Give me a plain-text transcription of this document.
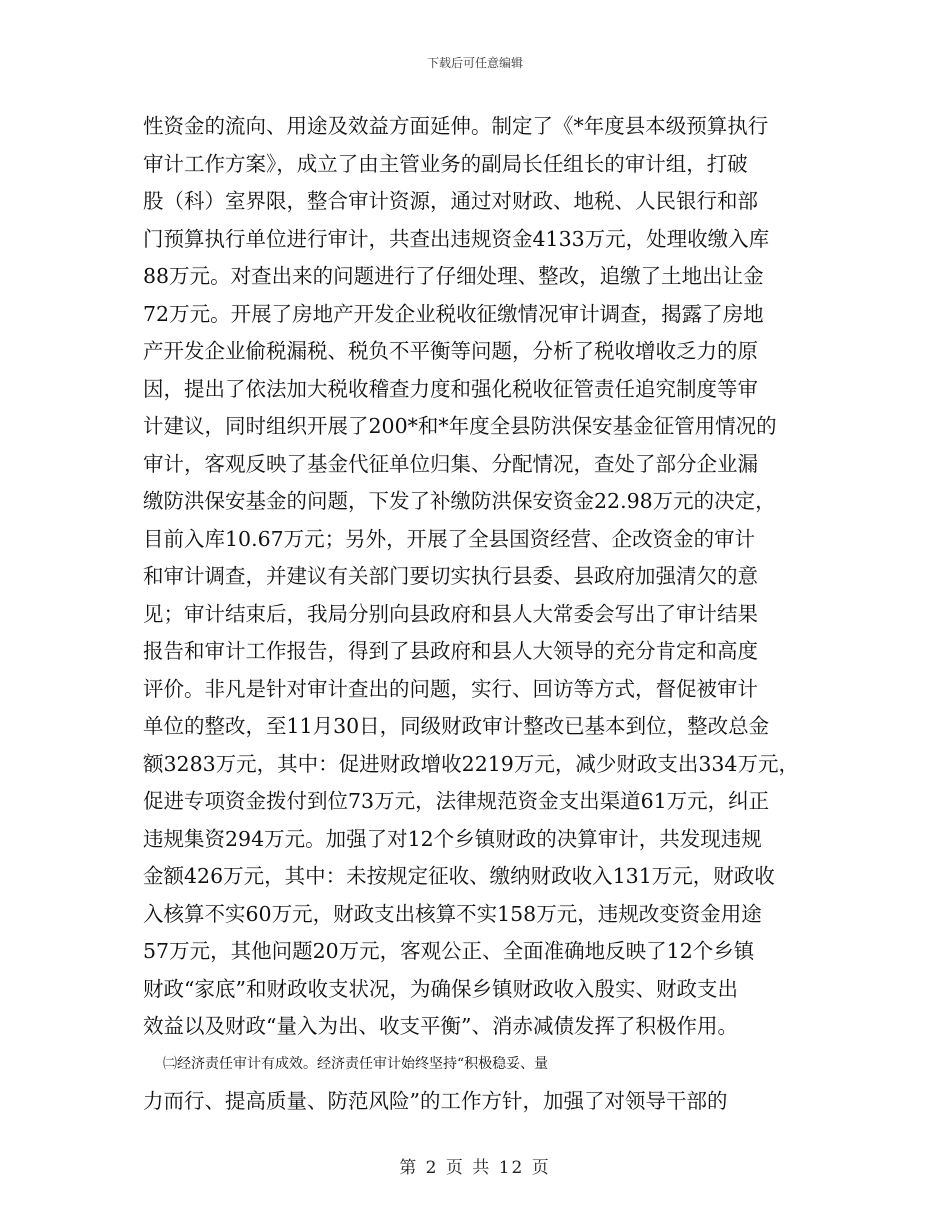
下载后可任意编辑
性资金的流向、用途及效益方面延伸。制定了《*年度县本级预算执行
审计工作方案》，成立了由主管业务的副局长任组长的审计组，打破
股（科）室界限，整合审计资源，通过对财政、地税、人民银行和部
门预算执行单位进行审计，共查出违规资金4133万元，处理收缴入库
88万元。对查出来的问题进行了仔细处理、整改，追缴了土地出让金
72万元。开展了房地产开发企业税收征缴情况审计调查，揭露了房地
产开发企业偷税漏税、税负不平衡等问题，分析了税收增收乏力的原
因，提出了依法加大税收稽查力度和强化税收征管责任追究制度等审
计建议，同时组织开展了200*和*年度全县防洪保安基金征管用情况的
审计，客观反映了基金代征单位归集、分配情况，查处了部分企业漏
缴防洪保安基金的问题，下发了补缴防洪保安资金22.98万元的决定，
目前入库10.67万元；另外，开展了全县国资经营、企改资金的审计
和审计调查，并建议有关部门要切实执行县委、县政府加强清欠的意
见；审计结束后，我局分别向县政府和县人大常委会写出了审计结果
报告和审计工作报告，得到了县政府和县人大领导的充分肯定和高度
评价。非凡是针对审计查出的问题，实行、回访等方式，督促被审计
单位的整改，至11月30日，同级财政审计整改已基本到位，整改总金
额3283万元，其中：促进财政增收2219万元，减少财政支出334万元，
促进专项资金拨付到位73万元，法律规范资金支出渠道61万元，纠正
违规集资294万元。加强了对12个乡镇财政的决算审计，共发现违规
金额426万元，其中：未按规定征收、缴纳财政收入131万元，财政收
入核算不实60万元，财政支出核算不实158万元，违规改变资金用途
57万元，其他问题20万元，客观公正、全面准确地反映了12个乡镇
财政“家底”和财政收支状况，为确保乡镇财政收入殷实、财政支出
效益以及财政“量入为出、收支平衡”、消赤减债发挥了积极作用。
㈡经济责任审计有成效。经济责任审计始终坚持“积极稳妥、量
力而行、提高质量、防范风险”的工作方针，加强了对领导干部的
第 2 页 共 12 页
